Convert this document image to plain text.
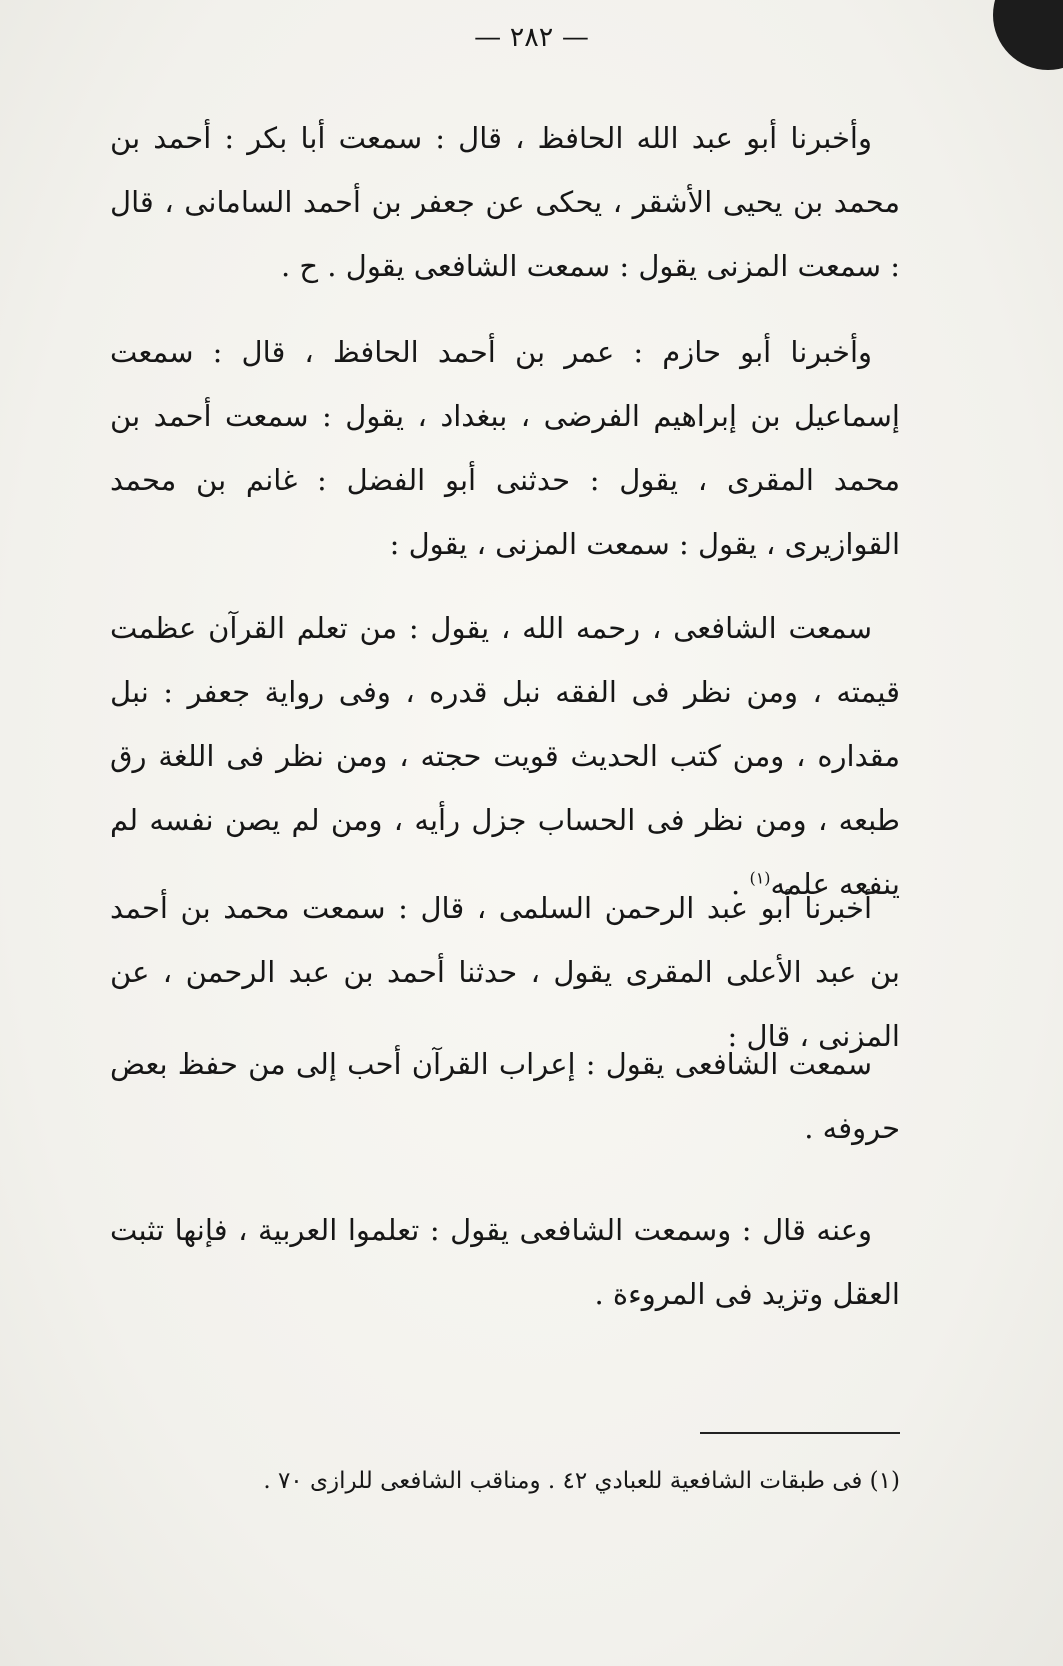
— ٢٨٢ —

وأخبرنا أبو عبد الله الحافظ ، قال : سمعت أبا بكر : أحمد بن محمد بن يحيى الأشقر ، يحكى عن جعفر بن أحمد السامانى ، قال : سمعت المزنى يقول : سمعت الشافعى يقول . ح .

وأخبرنا أبو حازم : عمر بن أحمد الحافظ ، قال : سمعت إسماعيل بن إبراهيم الفرضى ، ببغداد ، يقول : سمعت أحمد بن محمد المقرى ، يقول : حدثنى أبو الفضل : غانم بن محمد القوازيرى ، يقول : سمعت المزنى ، يقول :

سمعت الشافعى ، رحمه الله ، يقول : من تعلم القرآن عظمت قيمته ، ومن نظر فى الفقه نبل قدره ، وفى رواية جعفر : نبل مقداره ، ومن كتب الحديث قويت حجته ، ومن نظر فى اللغة رق طبعه ، ومن نظر فى الحساب جزل رأيه ، ومن لم يصن نفسه لم ينفعه علمه$^{(١)}$ .

أخبرنا أبو عبد الرحمن السلمى ، قال : سمعت محمد بن أحمد بن عبد الأعلى المقرى يقول ، حدثنا أحمد بن عبد الرحمن ، عن المزنى ، قال :

سمعت الشافعى يقول : إعراب القرآن أحب إلى من حفظ بعض حروفه .

وعنه قال : وسمعت الشافعى يقول : تعلموا العربية ، فإنها تثبت العقل وتزيد فى المروءة .

(١) فى طبقات الشافعية للعبادي ٤٢ . ومناقب الشافعى للرازى ٧٠ .
